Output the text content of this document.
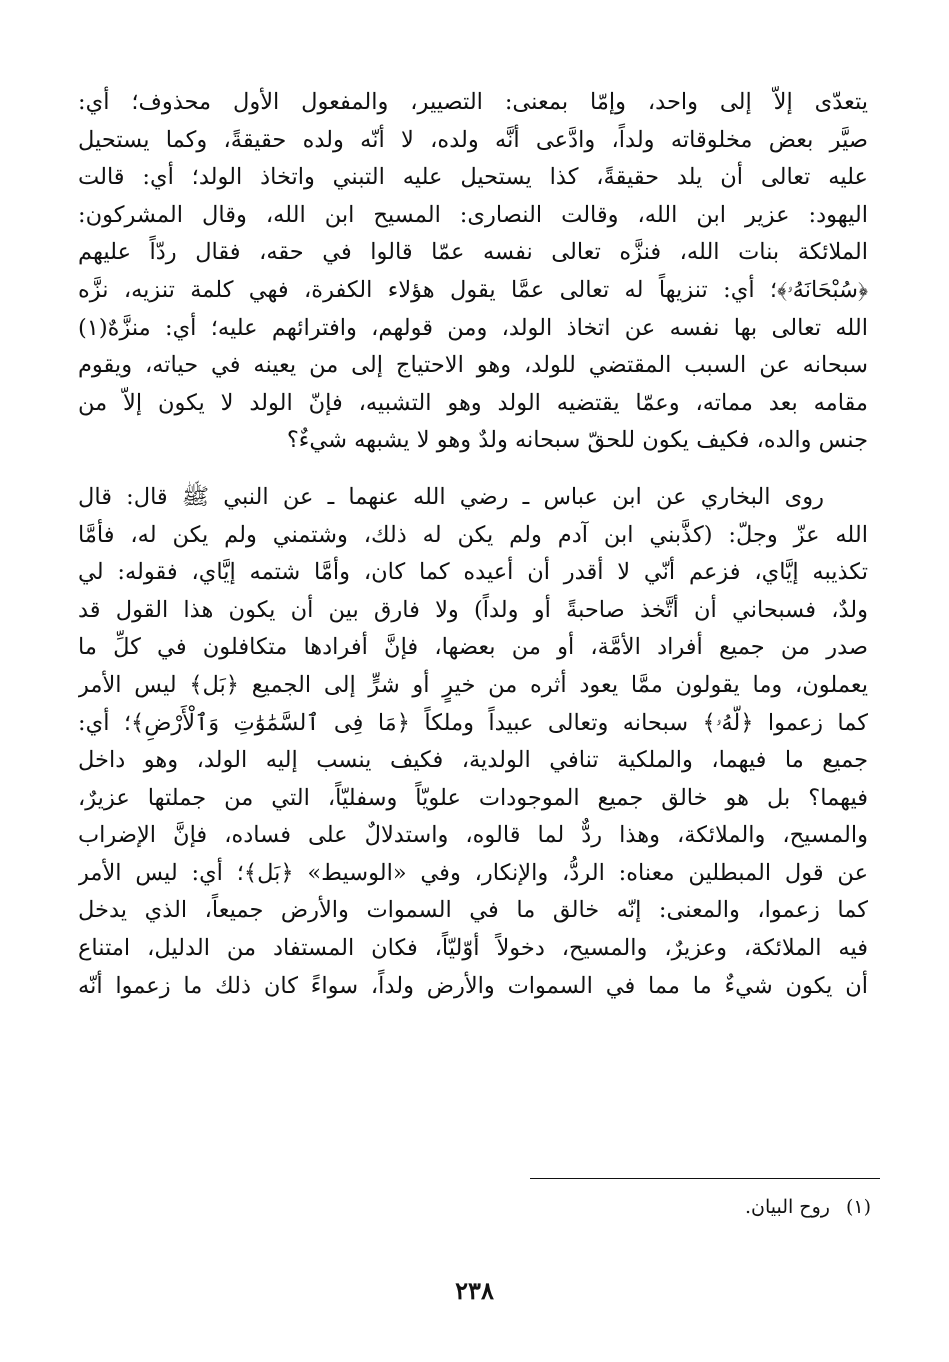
يتعدّى إلاّ إلى واحد، وإمّا بمعنى: التصيير، والمفعول الأول محذوف؛ أي:
صيَّر بعض مخلوقاته ولداً، وادَّعى أنَّه ولده، لا أنّه ولده حقيقةً، وكما يستحيل
عليه تعالى أن يلد حقيقةً، كذا يستحيل عليه التبني واتخاذ الولد؛ أي: قالت
اليهود: عزير ابن الله، وقالت النصارى: المسيح ابن الله، وقال المشركون:
الملائكة بنات الله، فنزَّه تعالى نفسه عمّا قالوا في حقه، فقال ردّاً عليهم
﴿سُبْحَانَهُۥ﴾؛ أي: تنزيهاً له تعالى عمَّا يقول هؤلاء الكفرة، فهي كلمة تنزيه، نزَّه
الله تعالى بها نفسه عن اتخاذ الولد، ومن قولهم، وافترائهم عليه؛ أي: منزَّهٌ(١)
سبحانه عن السبب المقتضي للولد، وهو الاحتياج إلى من يعينه في حياته، ويقوم
مقامه بعد مماته، وعمّا يقتضيه الولد وهو التشبيه، فإنّ الولد لا يكون إلاّ من
جنس والده، فكيف يكون للحقّ سبحانه ولدٌ وهو لا يشبهه شيءٌ؟
روى البخاري عن ابن عباس ـ رضي الله عنهما ـ عن النبي ﷺ قال: قال
الله عزّ وجلّ: (كذَّبني ابن آدم ولم يكن له ذلك، وشتمني ولم يكن له، فأمَّا
تكذيبه إيَّاي، فزعم أنّي لا أقدر أن أعيده كما كان، وأمَّا شتمه إيَّاي، فقوله: لي
ولدٌ، فسبحاني أن أتَّخذ صاحبةً أو ولداً) ولا فارق بين أن يكون هذا القول قد
صدر من جميع أفراد الأمَّة، أو من بعضها، فإنَّ أفرادها متكافلون في كلِّ ما
يعملون، وما يقولون ممَّا يعود أثره من خيرٍ أو شرٍّ إلى الجميع ﴿بَل﴾ ليس الأمر
كما زعموا ﴿لَّهُۥ﴾ سبحانه وتعالى عبيداً وملكاً ﴿مَا فِى ٱلسَّمَٰوَٰتِ وَٱلْأَرْضِ﴾؛ أي:
جميع ما فيهما، والملكية تنافي الولدية، فكيف ينسب إليه الولد، وهو داخل
فيهما؟ بل هو خالق جميع الموجودات علويّاً وسفليّاً، التي من جملتها عزيرٌ،
والمسيح، والملائكة، وهذا ردٌّ لما قالوه، واستدلالٌ على فساده، فإنَّ الإضراب
عن قول المبطلين معناه: الردُّ، والإنكار، وفي «الوسيط» ﴿بَل﴾؛ أي: ليس الأمر
كما زعموا، والمعنى: إنّه خالق ما في السموات والأرض جميعاً، الذي يدخل
فيه الملائكة، وعزيرٌ، والمسيح، دخولاً أوّليّاً، فكان المستفاد من الدليل، امتناع
أن يكون شيءٌ ما مما في السموات والأرض ولداً، سواءً كان ذلك ما زعموا أنّه
(١)روح البيان.
٢٣٨
